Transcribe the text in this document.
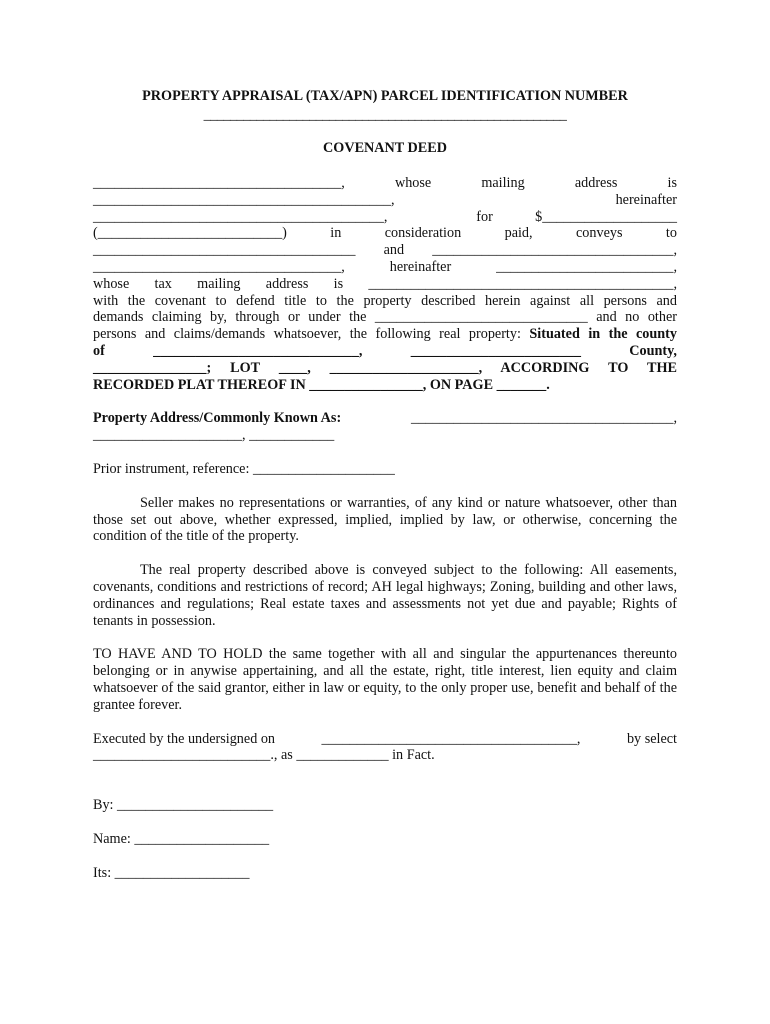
PROPERTY APPRAISAL (TAX/APN) PARCEL IDENTIFICATION NUMBER
_______________________________________________________
COVENANT DEED
___________________________________,	whose	mailing	address	is
__________________________________________,	hereinafter
_________________________________________,	for	$___________________
(__________________________)	in	consideration	paid,	conveys	to
_____________________________________ and __________________________________,
___________________________________,	hereinafter	_________________________,
whose tax mailing address is ___________________________________________,
with the covenant to defend title to the property described herein against all persons and
demands claiming by, through or under the ______________________________ and no other
persons and claims/demands whatsoever, the following real property: Situated in the county
of	_____________________________,	________________________	County,
________________; LOT ____, _____________________, ACCORDING TO THE
RECORDED PLAT THEREOF IN ________________, ON PAGE _______.
Property Address/Commonly Known As:	_____________________________________,
_____________________, ____________
Prior instrument, reference: ____________________
Seller makes no representations or warranties, of any kind or nature whatsoever, other than those set out above, whether expressed, implied, implied by law, or otherwise, concerning the condition of the title of the property.
The real property described above is conveyed subject to the following: All easements, covenants, conditions and restrictions of record; AH legal highways; Zoning, building and other laws, ordinances and regulations; Real estate taxes and assessments not yet due and payable; Rights of tenants in possession.
TO HAVE AND TO HOLD the same together with all and singular the appurtenances thereunto belonging or in anywise appertaining, and all the estate, right, title interest, lien equity and claim whatsoever of the said grantor, either in law or equity, to the only proper use, benefit and behalf of the grantee forever.
Executed by the undersigned on	____________________________________,	by select
_________________________., as _____________ in Fact.
By: ______________________
Name: ___________________
Its: ___________________
